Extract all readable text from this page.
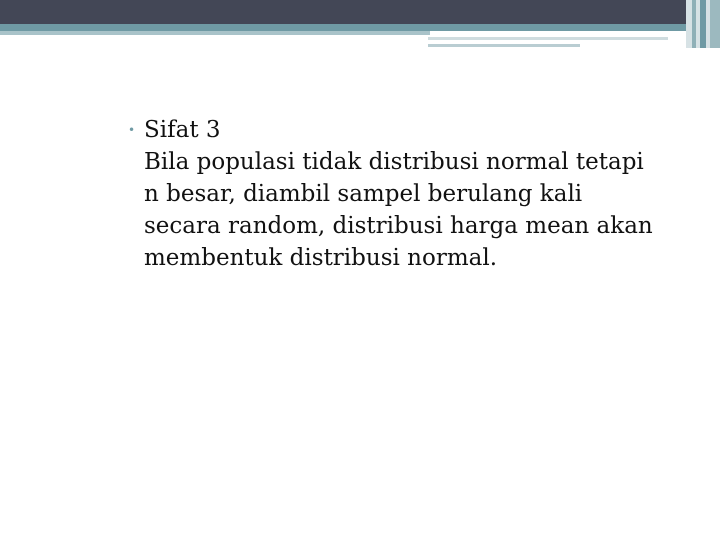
• Sifat 3
Bila populasi tidak distribusi normal tetapi
n besar, diambil sampel berulang kali
secara random, distribusi harga mean akan
membentuk distribusi normal.
